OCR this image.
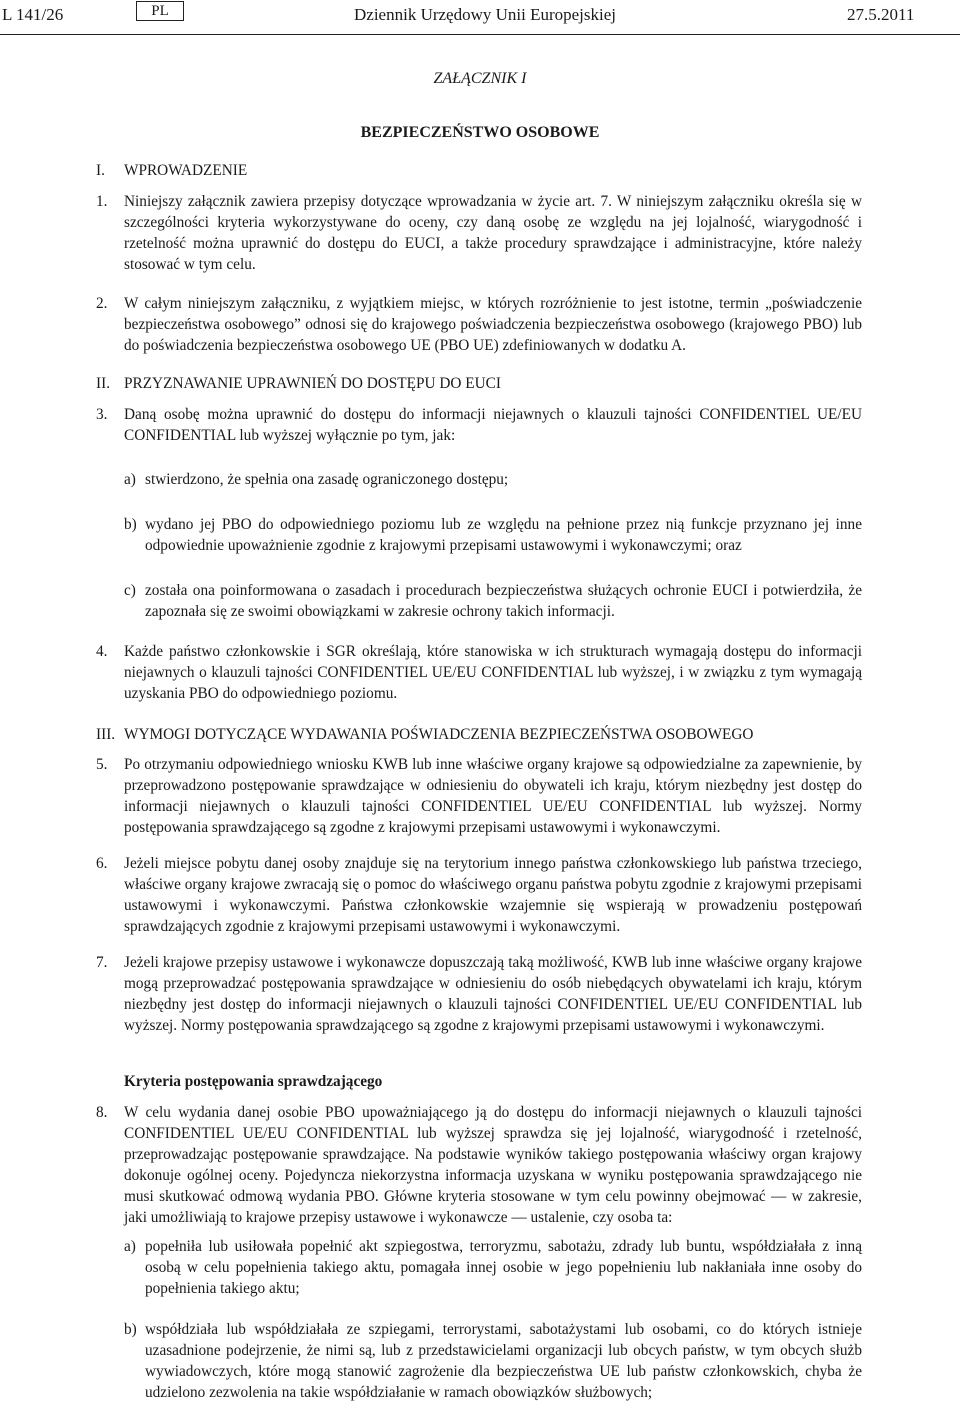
L 141/26	PL	Dziennik Urzędowy Unii Europejskiej	27.5.2011
ZAŁĄCZNIK I
BEZPIECZEŃSTWO OSOBOWE
I. WPROWADZENIE
1. Niniejszy załącznik zawiera przepisy dotyczące wprowadzania w życie art. 7. W niniejszym załączniku określa się w szczególności kryteria wykorzystywane do oceny, czy daną osobę ze względu na jej lojalność, wiarygodność i rzetelność można uprawnić do dostępu do EUCI, a także procedury sprawdzające i administracyjne, które należy stosować w tym celu.
2. W całym niniejszym załączniku, z wyjątkiem miejsc, w których rozróżnienie to jest istotne, termin „poświadczenie bezpieczeństwa osobowego” odnosi się do krajowego poświadczenia bezpieczeństwa osobowego (krajowego PBO) lub do poświadczenia bezpieczeństwa osobowego UE (PBO UE) zdefiniowanych w dodatku A.
II. PRZYZNAWANIE UPRAWNIEŃ DO DOSTĘPU DO EUCI
3. Daną osobę można uprawnić do dostępu do informacji niejawnych o klauzuli tajności CONFIDENTIEL UE/EU CONFIDENTIAL lub wyższej wyłącznie po tym, jak:
a) stwierdzono, że spełnia ona zasadę ograniczonego dostępu;
b) wydano jej PBO do odpowiedniego poziomu lub ze względu na pełnione przez nią funkcje przyznano jej inne odpowiednie upoważnienie zgodnie z krajowymi przepisami ustawowymi i wykonawczymi; oraz
c) została ona poinformowana o zasadach i procedurach bezpieczeństwa służących ochronie EUCI i potwierdziła, że zapoznała się ze swoimi obowiązkami w zakresie ochrony takich informacji.
4. Każde państwo członkowskie i SGR określają, które stanowiska w ich strukturach wymagają dostępu do informacji niejawnych o klauzuli tajności CONFIDENTIEL UE/EU CONFIDENTIAL lub wyższej, i w związku z tym wymagają uzyskania PBO do odpowiedniego poziomu.
III. WYMOGI DOTYCZĄCE WYDAWANIA POŚWIADCZENIA BEZPIECZEŃSTWA OSOBOWEGO
5. Po otrzymaniu odpowiedniego wniosku KWB lub inne właściwe organy krajowe są odpowiedzialne za zapewnienie, by przeprowadzono postępowanie sprawdzające w odniesieniu do obywateli ich kraju, którym niezbędny jest dostęp do informacji niejawnych o klauzuli tajności CONFIDENTIEL UE/EU CONFIDENTIAL lub wyższej. Normy postępowania sprawdzającego są zgodne z krajowymi przepisami ustawowymi i wykonawczymi.
6. Jeżeli miejsce pobytu danej osoby znajduje się na terytorium innego państwa członkowskiego lub państwa trzeciego, właściwe organy krajowe zwracają się o pomoc do właściwego organu państwa pobytu zgodnie z krajowymi przepisami ustawowymi i wykonawczymi. Państwa członkowskie wzajemnie się wspierają w prowadzeniu postępowań sprawdzających zgodnie z krajowymi przepisami ustawowymi i wykonawczymi.
7. Jeżeli krajowe przepisy ustawowe i wykonawcze dopuszczają taką możliwość, KWB lub inne właściwe organy krajowe mogą przeprowadzać postępowania sprawdzające w odniesieniu do osób niebędących obywatelami ich kraju, którym niezbędny jest dostęp do informacji niejawnych o klauzuli tajności CONFIDENTIEL UE/EU CONFIDENTIAL lub wyższej. Normy postępowania sprawdzającego są zgodne z krajowymi przepisami ustawowymi i wykonawczymi.
Kryteria postępowania sprawdzającego
8. W celu wydania danej osobie PBO upoważniającego ją do dostępu do informacji niejawnych o klauzuli tajności CONFIDENTIEL UE/EU CONFIDENTIAL lub wyższej sprawdza się jej lojalność, wiarygodność i rzetelność, przeprowadzając postępowanie sprawdzające. Na podstawie wyników takiego postępowania właściwy organ krajowy dokonuje ogólnej oceny. Pojedyncza niekorzystna informacja uzyskana w wyniku postępowania sprawdzającego nie musi skutkować odmową wydania PBO. Główne kryteria stosowane w tym celu powinny obejmować — w zakresie, jaki umożliwiają to krajowe przepisy ustawowe i wykonawcze — ustalenie, czy osoba ta:
a) popełniła lub usiłowała popełnić akt szpiegostwa, terroryzmu, sabotażu, zdrady lub buntu, współdziałała z inną osobą w celu popełnienia takiego aktu, pomagała innej osobie w jego popełnieniu lub nakłaniała inne osoby do popełnienia takiego aktu;
b) współdziała lub współdziałała ze szpiegami, terrorystami, sabotażystami lub osobami, co do których istnieje uzasadnione podejrzenie, że nimi są, lub z przedstawicielami organizacji lub obcych państw, w tym obcych służb wywiadowczych, które mogą stanowić zagrożenie dla bezpieczeństwa UE lub państw członkowskich, chyba że udzielono zezwolenia na takie współdziałanie w ramach obowiązków służbowych;
